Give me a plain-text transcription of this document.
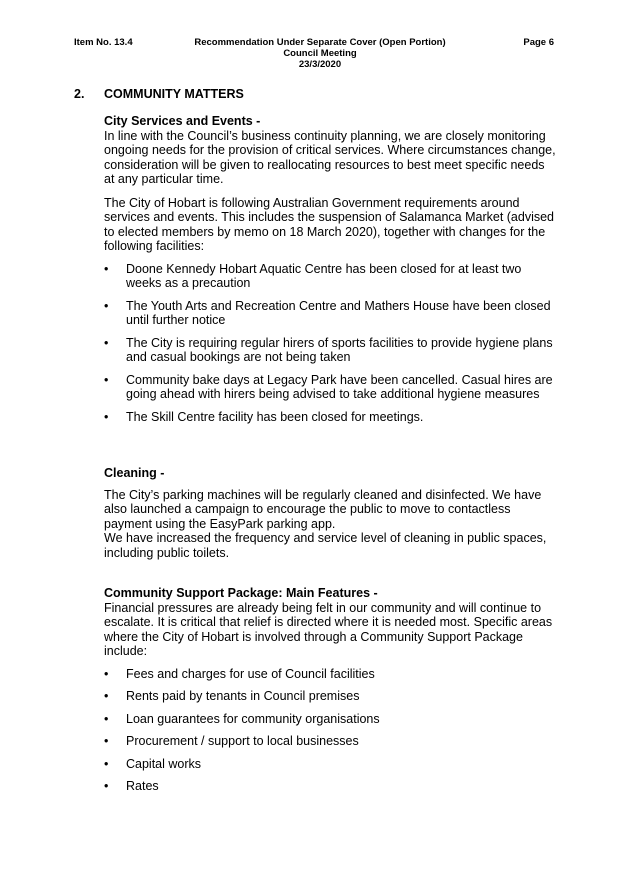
Item No. 13.4	Recommendation Under Separate Cover (Open Portion)
Council Meeting
23/3/2020
Page 6
2. COMMUNITY MATTERS

City Services and Events -

In line with the Council’s business continuity planning, we are closely monitoring ongoing needs for the provision of critical services. Where circumstances change, consideration will be given to reallocating resources to best meet specific needs at any particular time.

The City of Hobart is following Australian Government requirements around services and events. This includes the suspension of Salamanca Market (advised to elected members by memo on 18 March 2020), together with changes for the following facilities:

• Doone Kennedy Hobart Aquatic Centre has been closed for at least two weeks as a precaution
• The Youth Arts and Recreation Centre and Mathers House have been closed until further notice
• The City is requiring regular hirers of sports facilities to provide hygiene plans and casual bookings are not being taken
• Community bake days at Legacy Park have been cancelled. Casual hires are going ahead with hirers being advised to take additional hygiene measures
• The Skill Centre facility has been closed for meetings.

Cleaning -

The City’s parking machines will be regularly cleaned and disinfected. We have also launched a campaign to encourage the public to move to contactless payment using the EasyPark parking app.

We have increased the frequency and service level of cleaning in public spaces, including public toilets.

Community Support Package: Main Features -

Financial pressures are already being felt in our community and will continue to escalate. It is critical that relief is directed where it is needed most. Specific areas where the City of Hobart is involved through a Community Support Package include:

• Fees and charges for use of Council facilities
• Rents paid by tenants in Council premises
• Loan guarantees for community organisations
• Procurement / support to local businesses
• Capital works
• Rates
